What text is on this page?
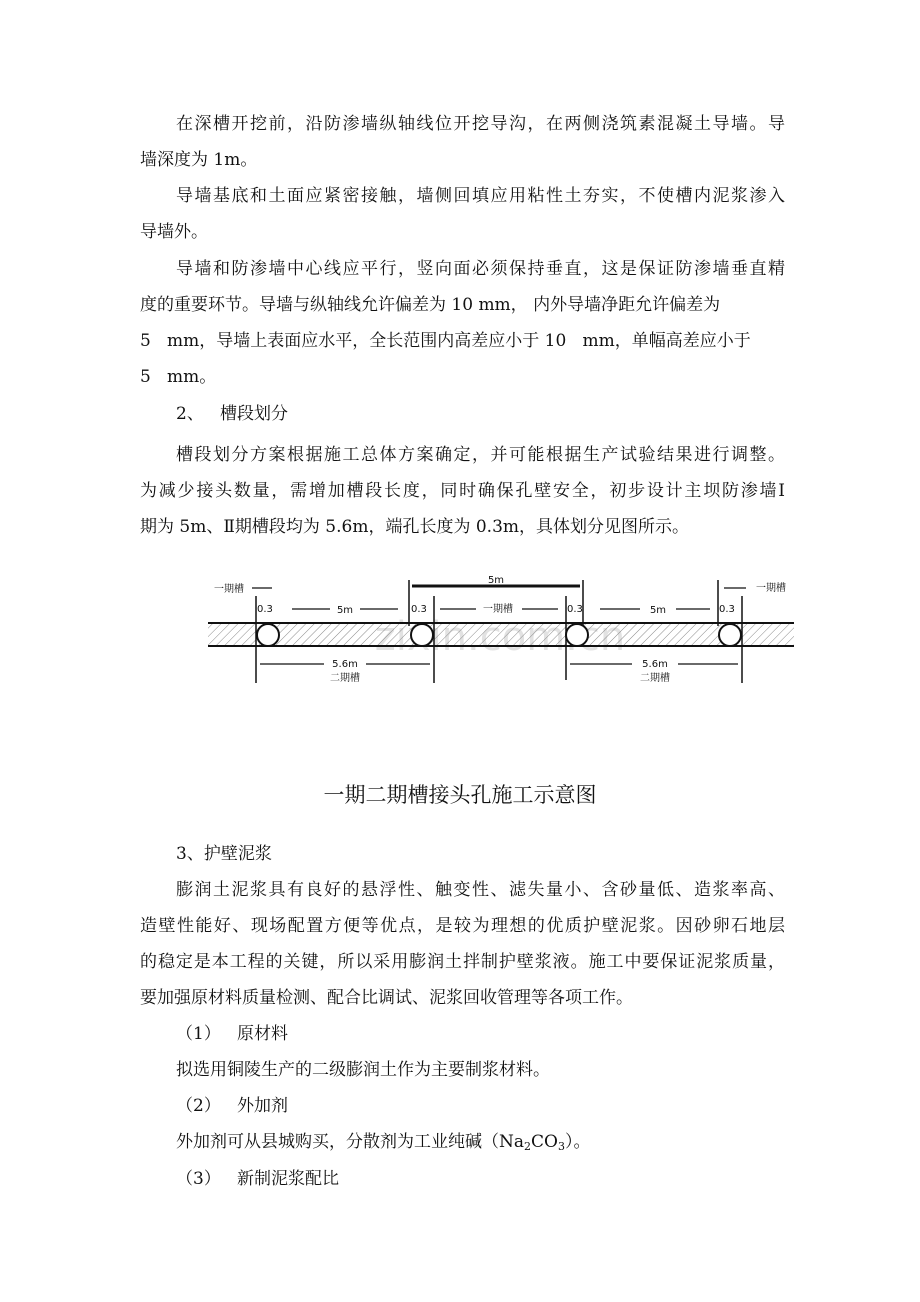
在深槽开挖前，沿防渗墙纵轴线位开挖导沟，在两侧浇筑素混凝土导墙。导
墙深度为 1m。
导墙基底和土面应紧密接触，墙侧回填应用粘性土夯实，不使槽内泥浆渗入
导墙外。
导墙和防渗墙中心线应平行，竖向面必须保持垂直，这是保证防渗墙垂直精
度的重要环节。导墙与纵轴线允许偏差为 10 mm， 内外导墙净距允许偏差为
5   mm，导墙上表面应水平，全长范围内高差应小于 10   mm，单幅高差应小于
5   mm。
2、   槽段划分
槽段划分方案根据施工总体方案确定，并可能根据生产试验结果进行调整。
为减少接头数量，需增加槽段长度，同时确保孔壁安全，初步设计主坝防渗墙Ⅰ
期为 5m、Ⅱ期槽段均为 5.6m，端孔长度为 0.3m，具体划分见图所示。
5m
一期槽	一期槽
0.3	5m	0.3	一期槽	0.3	5m	0.3
5.6m
二期槽
5.6m
二期槽
一期二期槽接头孔施工示意图
3、护壁泥浆
膨润土泥浆具有良好的悬浮性、触变性、滤失量小、含砂量低、造浆率高、
造壁性能好、现场配置方便等优点，是较为理想的优质护壁泥浆。因砂卵石地层
的稳定是本工程的关键，所以采用膨润土拌制护壁浆液。施工中要保证泥浆质量，
要加强原材料质量检测、配合比调试、泥浆回收管理等各项工作。
（1）   原材料
拟选用铜陵生产的二级膨润土作为主要制浆材料。
（2）   外加剂
外加剂可从县城购买，分散剂为工业纯碱$(Na_2CO_3)$。
（3）   新制泥浆配比
